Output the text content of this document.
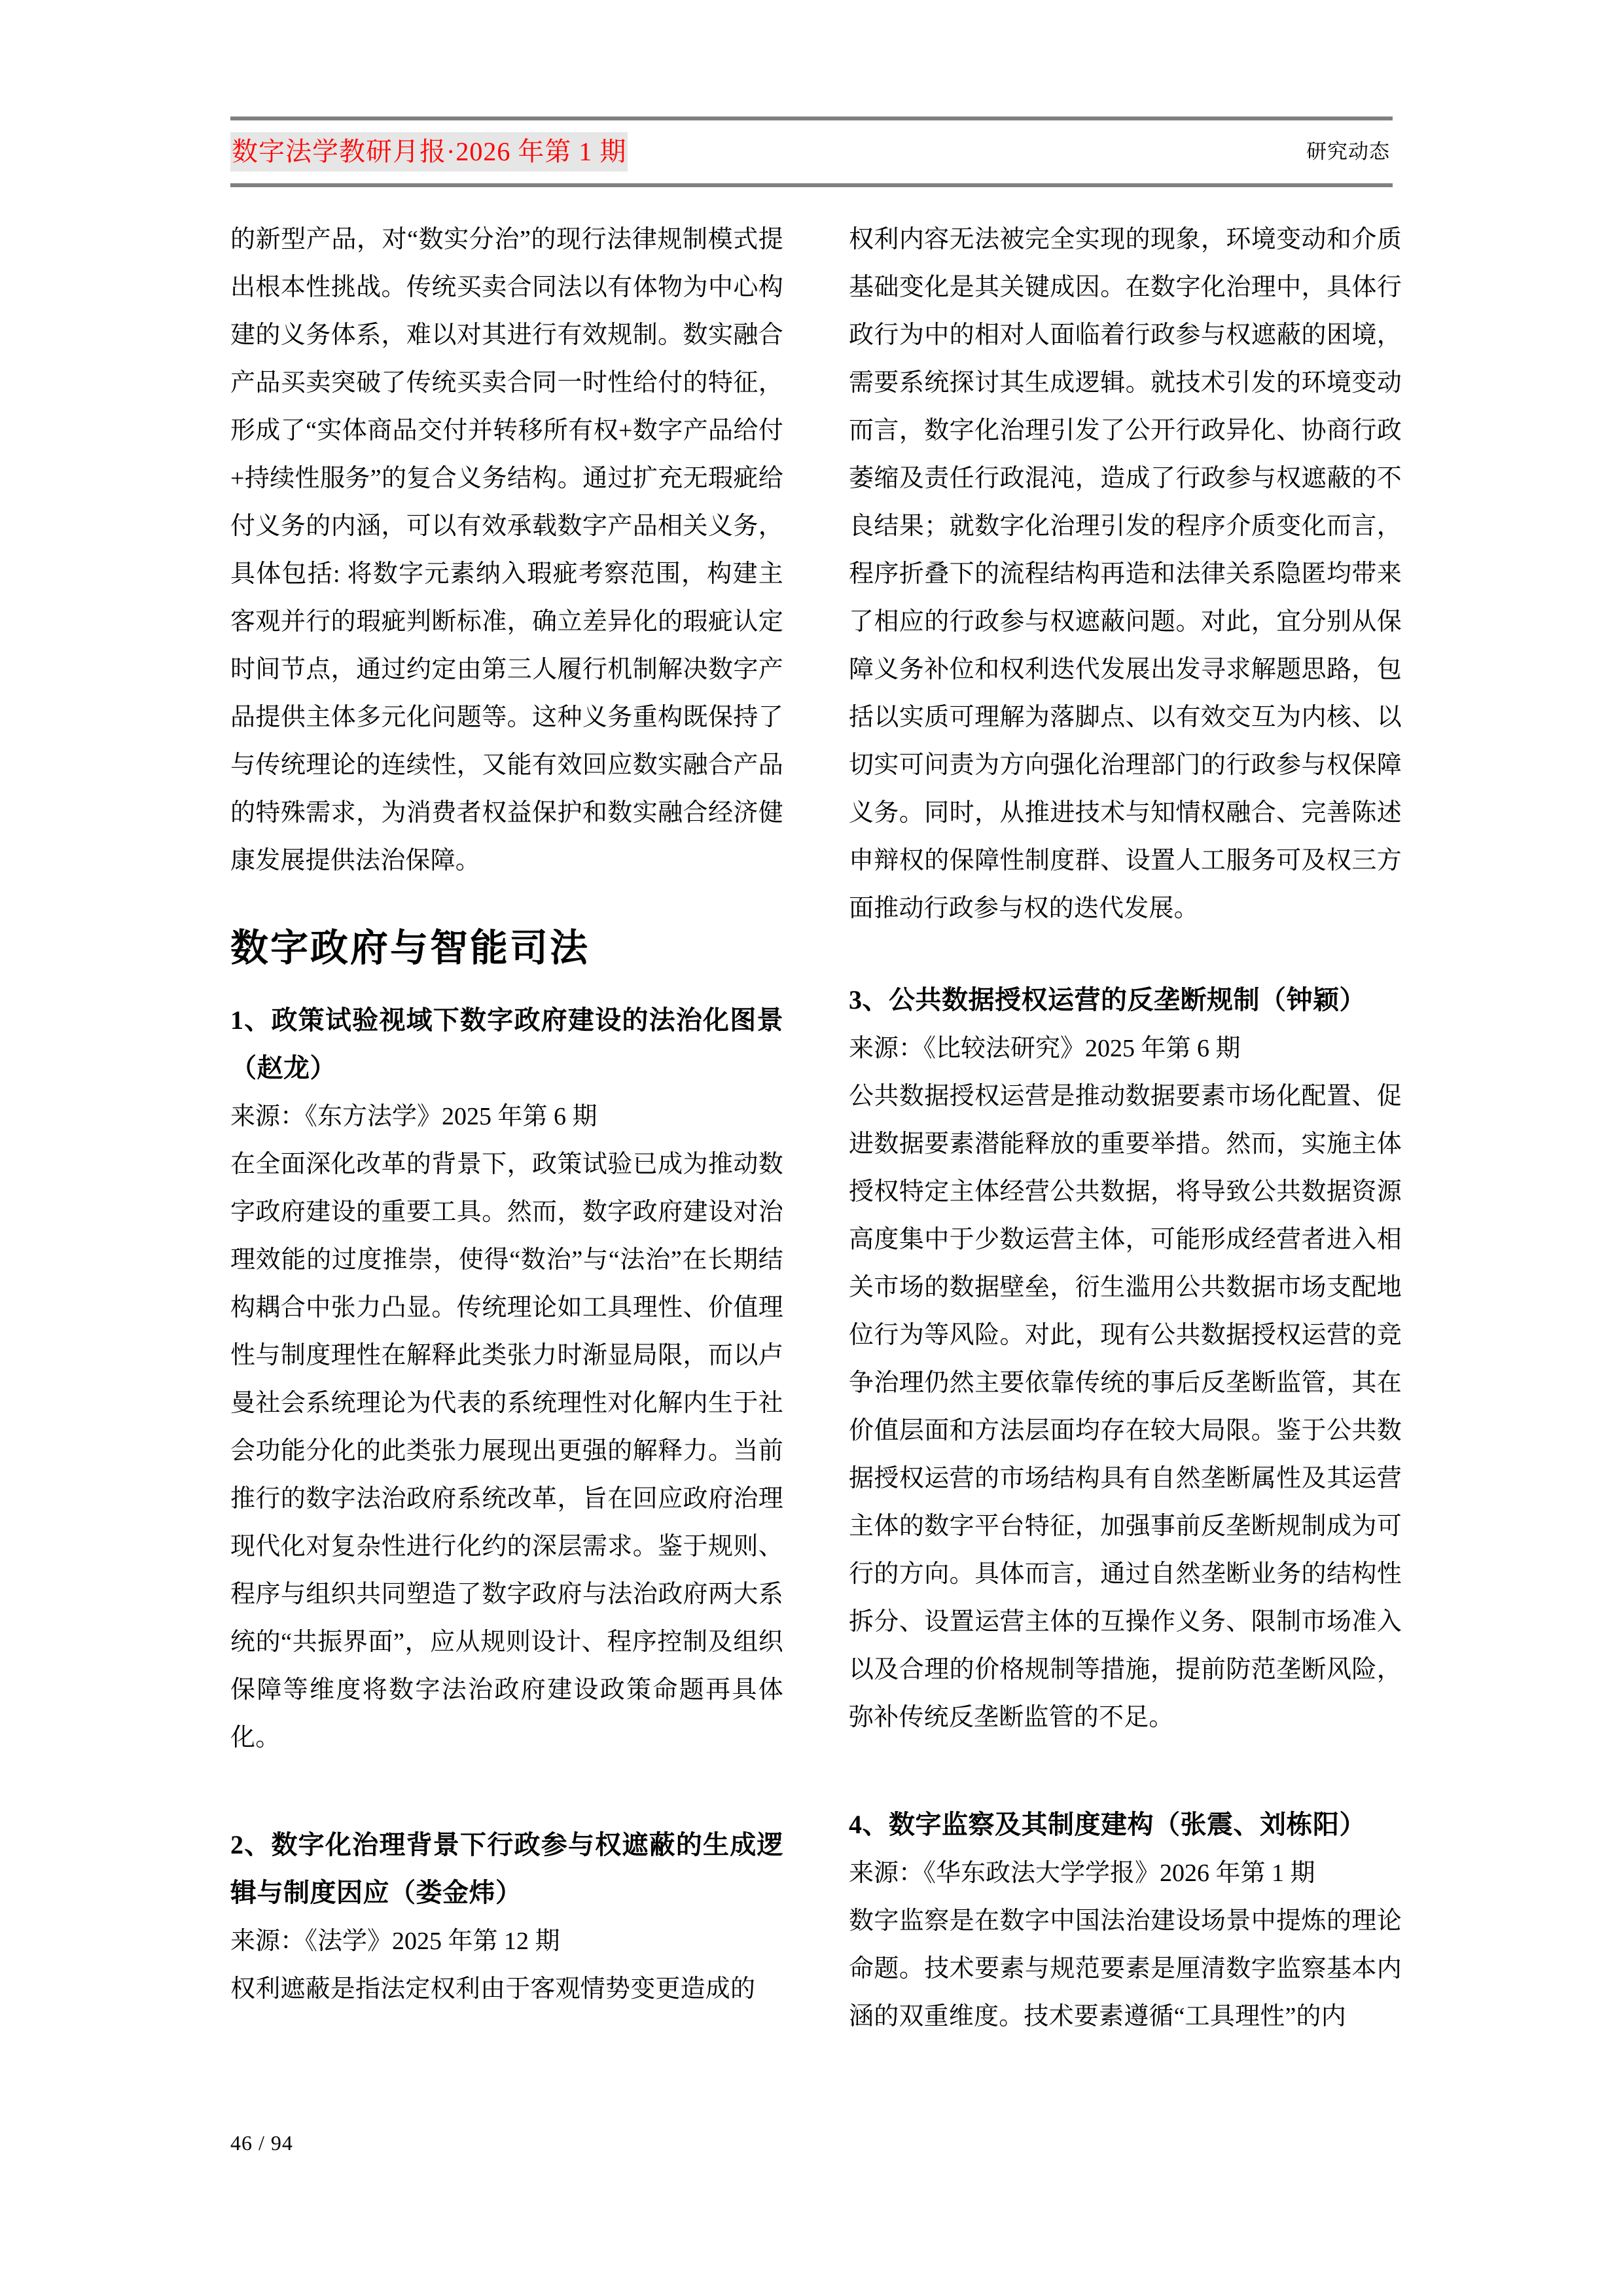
数字法学教研月报·2026 年第 1 期	研究动态

的新型产品，对“数实分治”的现行法律规制模式提出根本性挑战。传统买卖合同法以有体物为中心构建的义务体系，难以对其进行有效规制。数实融合产品买卖突破了传统买卖合同一时性给付的特征，形成了“实体商品交付并转移所有权+数字产品给付+持续性服务”的复合义务结构。通过扩充无瑕疵给付义务的内涵，可以有效承载数字产品相关义务，具体包括: 将数字元素纳入瑕疵考察范围，构建主客观并行的瑕疵判断标准，确立差异化的瑕疵认定时间节点，通过约定由第三人履行机制解决数字产品提供主体多元化问题等。这种义务重构既保持了与传统理论的连续性，又能有效回应数实融合产品的特殊需求，为消费者权益保护和数实融合经济健康发展提供法治保障。

数字政府与智能司法
1、政策试验视域下数字政府建设的法治化图景（赵龙）

来源：《东方法学》2025 年第 6 期

在全面深化改革的背景下，政策试验已成为推动数字政府建设的重要工具。然而，数字政府建设对治理效能的过度推崇，使得“数治”与“法治”在长期结构耦合中张力凸显。传统理论如工具理性、价值理性与制度理性在解释此类张力时渐显局限，而以卢曼社会系统理论为代表的系统理性对化解内生于社会功能分化的此类张力展现出更强的解释力。当前推行的数字法治政府系统改革，旨在回应政府治理现代化对复杂性进行化约的深层需求。鉴于规则、程序与组织共同塑造了数字政府与法治政府两大系统的“共振界面”，应从规则设计、程序控制及组织保障等维度将数字法治政府建设政策命题再具体化。

2、数字化治理背景下行政参与权遮蔽的生成逻辑与制度因应（娄金炜）

来源：《法学》2025 年第 12 期

权利遮蔽是指法定权利由于客观情势变更造成的

权利内容无法被完全实现的现象，环境变动和介质基础变化是其关键成因。在数字化治理中，具体行政行为中的相对人面临着行政参与权遮蔽的困境，需要系统探讨其生成逻辑。就技术引发的环境变动而言，数字化治理引发了公开行政异化、协商行政萎缩及责任行政混沌，造成了行政参与权遮蔽的不良结果；就数字化治理引发的程序介质变化而言，程序折叠下的流程结构再造和法律关系隐匿均带来了相应的行政参与权遮蔽问题。对此，宜分别从保障义务补位和权利迭代发展出发寻求解题思路，包括以实质可理解为落脚点、以有效交互为内核、以切实可问责为方向强化治理部门的行政参与权保障义务。同时，从推进技术与知情权融合、完善陈述申辩权的保障性制度群、设置人工服务可及权三方面推动行政参与权的迭代发展。

3、公共数据授权运营的反垄断规制（钟颖）

来源：《比较法研究》2025 年第 6 期

公共数据授权运营是推动数据要素市场化配置、促进数据要素潜能释放的重要举措。然而，实施主体授权特定主体经营公共数据，将导致公共数据资源高度集中于少数运营主体，可能形成经营者进入相关市场的数据壁垒，衍生滥用公共数据市场支配地位行为等风险。对此，现有公共数据授权运营的竞争治理仍然主要依靠传统的事后反垄断监管，其在价值层面和方法层面均存在较大局限。鉴于公共数据授权运营的市场结构具有自然垄断属性及其运营主体的数字平台特征，加强事前反垄断规制成为可行的方向。具体而言，通过自然垄断业务的结构性拆分、设置运营主体的互操作义务、限制市场准入以及合理的价格规制等措施，提前防范垄断风险，弥补传统反垄断监管的不足。

4、数字监察及其制度建构（张震、刘栋阳）

来源：《华东政法大学学报》2026 年第 1 期

数字监察是在数字中国法治建设场景中提炼的理论命题。技术要素与规范要素是厘清数字监察基本内涵的双重维度。技术要素遵循“工具理性”的内

46 / 94
